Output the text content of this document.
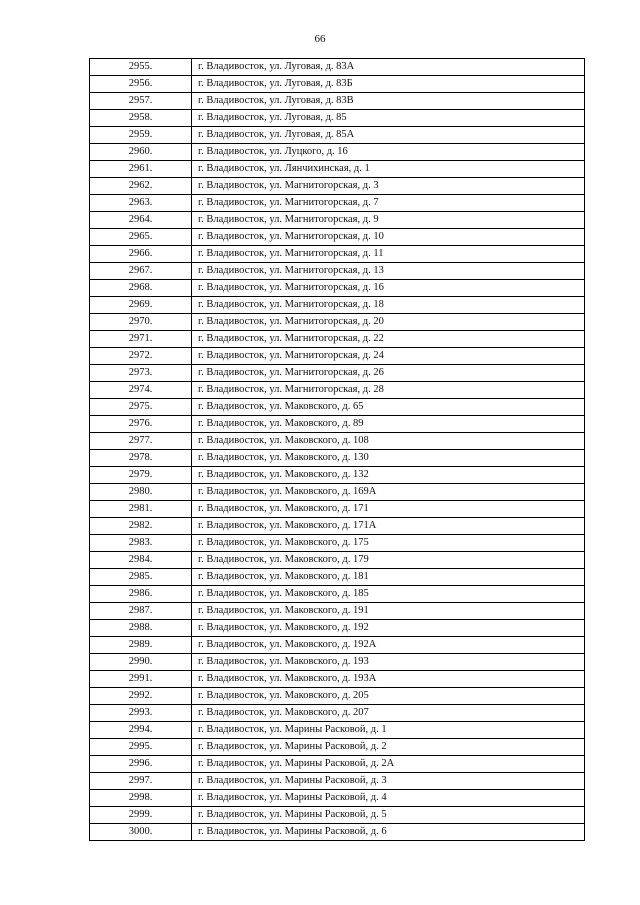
66
2955.	г. Владивосток, ул. Луговая, д. 83А
2956.	г. Владивосток, ул. Луговая, д. 83Б
2957.	г. Владивосток, ул. Луговая, д. 83В
2958.	г. Владивосток, ул. Луговая, д. 85
2959.	г. Владивосток, ул. Луговая, д. 85А
2960.	г. Владивосток, ул. Луцкого, д. 16
2961.	г. Владивосток, ул. Лянчихинская, д. 1
2962.	г. Владивосток, ул. Магнитогорская, д. 3
2963.	г. Владивосток, ул. Магнитогорская, д. 7
2964.	г. Владивосток, ул. Магнитогорская, д. 9
2965.	г. Владивосток, ул. Магнитогорская, д. 10
2966.	г. Владивосток, ул. Магнитогорская, д. 11
2967.	г. Владивосток, ул. Магнитогорская, д. 13
2968.	г. Владивосток, ул. Магнитогорская, д. 16
2969.	г. Владивосток, ул. Магнитогорская, д. 18
2970.	г. Владивосток, ул. Магнитогорская, д. 20
2971.	г. Владивосток, ул. Магнитогорская, д. 22
2972.	г. Владивосток, ул. Магнитогорская, д. 24
2973.	г. Владивосток, ул. Магнитогорская, д. 26
2974.	г. Владивосток, ул. Магнитогорская, д. 28
2975.	г. Владивосток, ул. Маковского, д. 65
2976.	г. Владивосток, ул. Маковского, д. 89
2977.	г. Владивосток, ул. Маковского, д. 108
2978.	г. Владивосток, ул. Маковского, д. 130
2979.	г. Владивосток, ул. Маковского, д. 132
2980.	г. Владивосток, ул. Маковского, д. 169А
2981.	г. Владивосток, ул. Маковского, д. 171
2982.	г. Владивосток, ул. Маковского, д. 171А
2983.	г. Владивосток, ул. Маковского, д. 175
2984.	г. Владивосток, ул. Маковского, д. 179
2985.	г. Владивосток, ул. Маковского, д. 181
2986.	г. Владивосток, ул. Маковского, д. 185
2987.	г. Владивосток, ул. Маковского, д. 191
2988.	г. Владивосток, ул. Маковского, д. 192
2989.	г. Владивосток, ул. Маковского, д. 192А
2990.	г. Владивосток, ул. Маковского, д. 193
2991.	г. Владивосток, ул. Маковского, д. 193А
2992.	г. Владивосток, ул. Маковского, д. 205
2993.	г. Владивосток, ул. Маковского, д. 207
2994.	г. Владивосток, ул. Марины Расковой, д. 1
2995.	г. Владивосток, ул. Марины Расковой, д. 2
2996.	г. Владивосток, ул. Марины Расковой, д. 2А
2997.	г. Владивосток, ул. Марины Расковой, д. 3
2998.	г. Владивосток, ул. Марины Расковой, д. 4
2999.	г. Владивосток, ул. Марины Расковой, д. 5
3000.	г. Владивосток, ул. Марины Расковой, д. 6
